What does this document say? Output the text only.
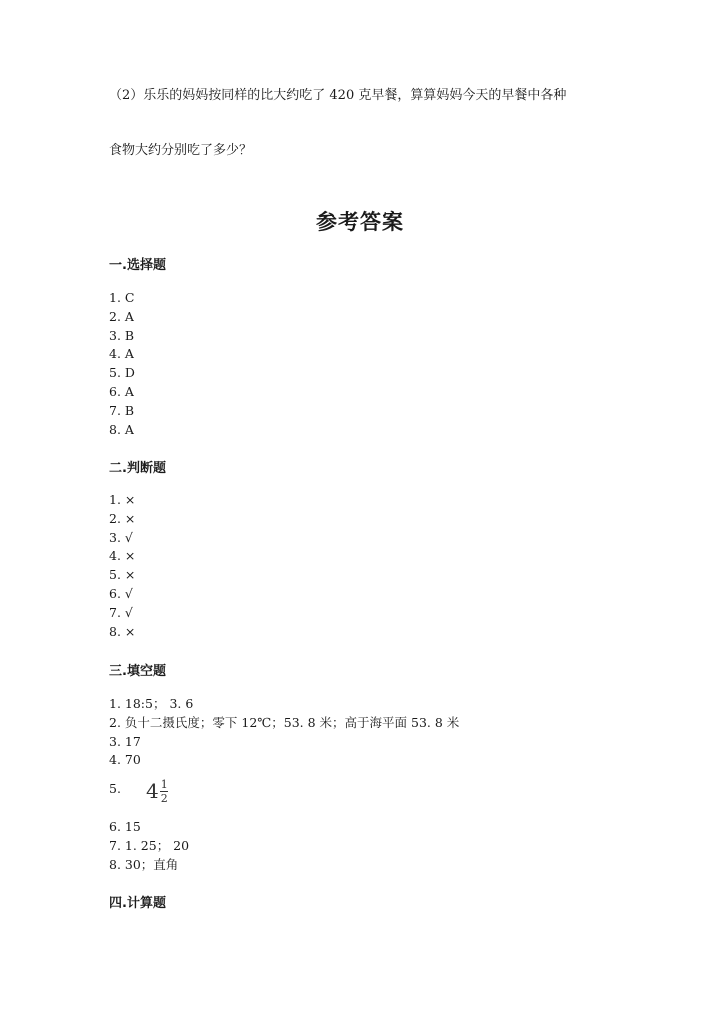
（2）乐乐的妈妈按同样的比大约吃了 420 克早餐，算算妈妈今天的早餐中各种
食物大约分别吃了多少？
参考答案
一.选择题
1. C
2. A
3. B
4. A
5. D
6. A
7. B
8. A
二.判断题
1. ×
2. ×
3. √
4. ×
5. ×
6. √
7. √
8. ×
三.填空题
1. 18:5； 3. 6
2. 负十二摄氏度；零下 12℃；53. 8 米；高于海平面 53. 8 米
3. 17
4. 70
5. $4 \frac{1}{2}$
6. 15
7. 1. 25； 20
8. 30；直角
四.计算题
